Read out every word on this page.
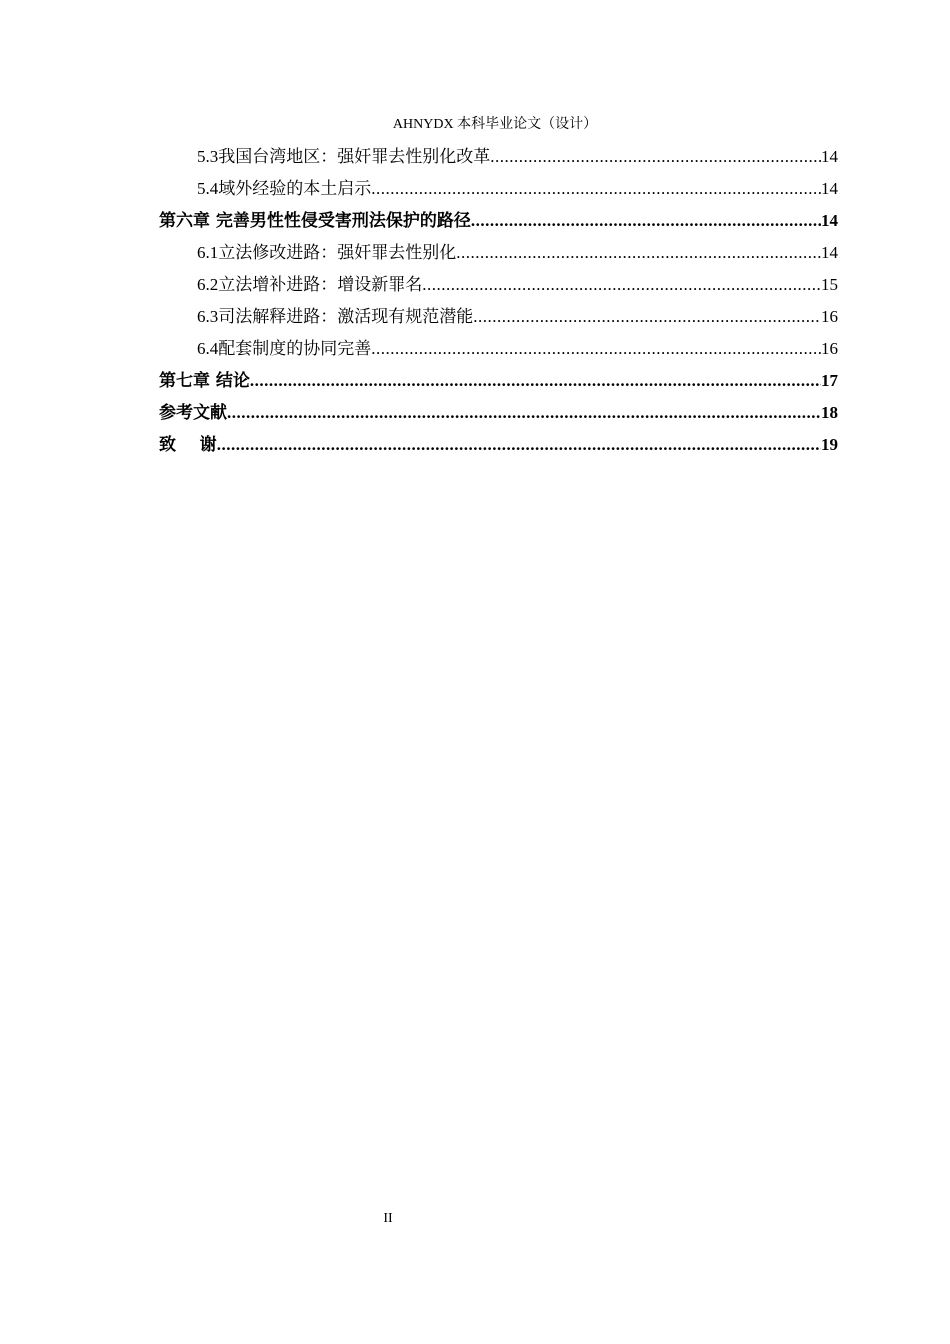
AHNYDX 本科毕业论文（设计）
5.3 我国台湾地区：强奸罪去性别化改革 .....	14
5.4 域外经验的本土启示 .....	14
第六章 完善男性性侵受害刑法保护的路径 .....	14
6.1 立法修改进路：强奸罪去性别化 .....	14
6.2 立法增补进路：增设新罪名 .....	15
6.3 司法解释进路：激活现有规范潜能 .....	16
6.4 配套制度的协同完善 .....	16
第七章 结论 .....	17
参考文献 .....	18
致    谢 .....	19
II
